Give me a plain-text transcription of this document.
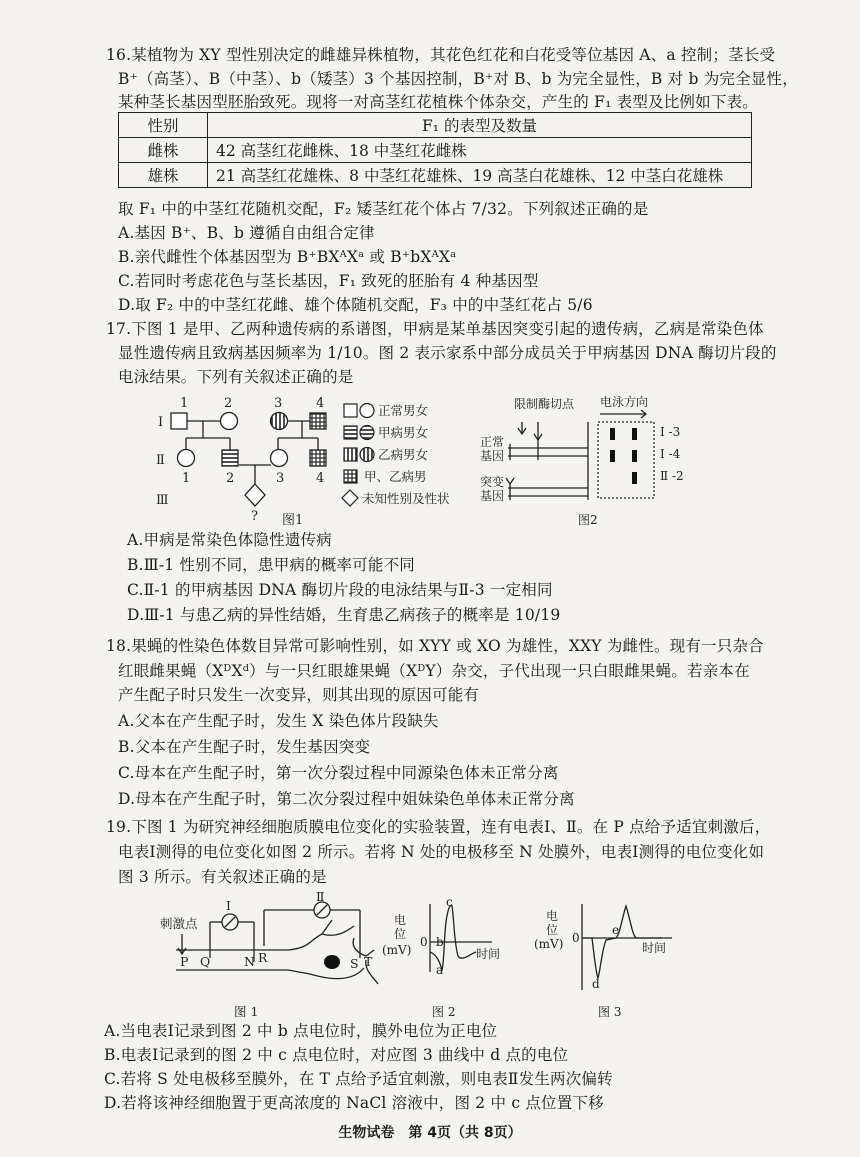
16.某植物为 XY 型性别决定的雌雄异株植物，其花色红花和白花受等位基因 A、a 控制；茎长受
B⁺（高茎）、B（中茎）、b（矮茎）3 个基因控制，B⁺对 B、b 为完全显性，B 对 b 为完全显性，
某种茎长基因型胚胎致死。现将一对高茎红花植株个体杂交，产生的 F₁ 表型及比例如下表。
性别	F₁ 的表型及数量
雌株	42 高茎红花雌株、18 中茎红花雌株
雄株	21 高茎红花雄株、8 中茎红花雄株、19 高茎白花雄株、12 中茎白花雄株
取 F₁ 中的中茎红花随机交配，F₂ 矮茎红花个体占 7/32。下列叙述正确的是
A.基因 B⁺、B、b 遵循自由组合定律
B.亲代雌性个体基因型为 B⁺BXᴬXᵃ 或 B⁺bXᴬXᵃ
C.若同时考虑花色与茎长基因，F₁ 致死的胚胎有 4 种基因型
D.取 F₂ 中的中茎红花雌、雄个体随机交配，F₃ 中的中茎红花占 5/6
17.下图 1 是甲、乙两种遗传病的系谱图，甲病是某单基因突变引起的遗传病，乙病是常染色体
显性遗传病且致病基因频率为 1/10。图 2 表示家系中部分成员关于甲病基因 DNA 酶切片段的
电泳结果。下列有关叙述正确的是
I
Ⅱ
Ⅲ
1	2	3	4
1	2	3 4
? 图1
正常男女
甲病男女
乙病男女
甲、乙病男
未知性别及性状
限制酶切点 电泳方向
正常
基因
突变
基因
I -3
I -4
Ⅱ -2
图2
A.甲病是常染色体隐性遗传病
B.Ⅲ-1 性别不同，患甲病的概率可能不同
C.Ⅱ-1 的甲病基因 DNA 酶切片段的电泳结果与Ⅱ-3 一定相同
D.Ⅲ-1 与患乙病的异性结婚，生育患乙病孩子的概率是 10/19
18.果蝇的性染色体数目异常可影响性别，如 XYY 或 XO 为雄性，XXY 为雌性。现有一只杂合
红眼雌果蝇（XᴰXᵈ）与一只红眼雄果蝇（XᴰY）杂交，子代出现一只白眼雌果蝇。若亲本在
产生配子时只发生一次变异，则其出现的原因可能有
A.父本在产生配子时，发生 X 染色体片段缺失
B.父本在产生配子时，发生基因突变
C.母本在产生配子时，第一次分裂过程中同源染色体未正常分离
D.母本在产生配子时，第二次分裂过程中姐妹染色单体未正常分离
19.下图 1 为研究神经细胞质膜电位变化的实验装置，连有电表Ⅰ、Ⅱ。在 P 点给予适宜刺激后，
电表Ⅰ测得的电位变化如图 2 所示。若将 N 处的电极移至 N 处膜外，电表Ⅰ测得的电位变化如
图 3 所示。有关叙述正确的是
刺激点
I
Ⅱ
P Q	N R	S T
图 1
电
位
(mV)
0
时间
a
b
c
图 2
电
位
(mV) 0
时间
d
e
图 3
A.当电表Ⅰ记录到图 2 中 b 点电位时，膜外电位为正电位
B.电表Ⅰ记录到的图 2 中 c 点电位时，对应图 3 曲线中 d 点的电位
C.若将 S 处电极移至膜外，在 T 点给予适宜刺激，则电表Ⅱ发生两次偏转
D.若将该神经细胞置于更高浓度的 NaCl 溶液中，图 2 中 c 点位置下移
生物试卷　第 4页（共 8页）
